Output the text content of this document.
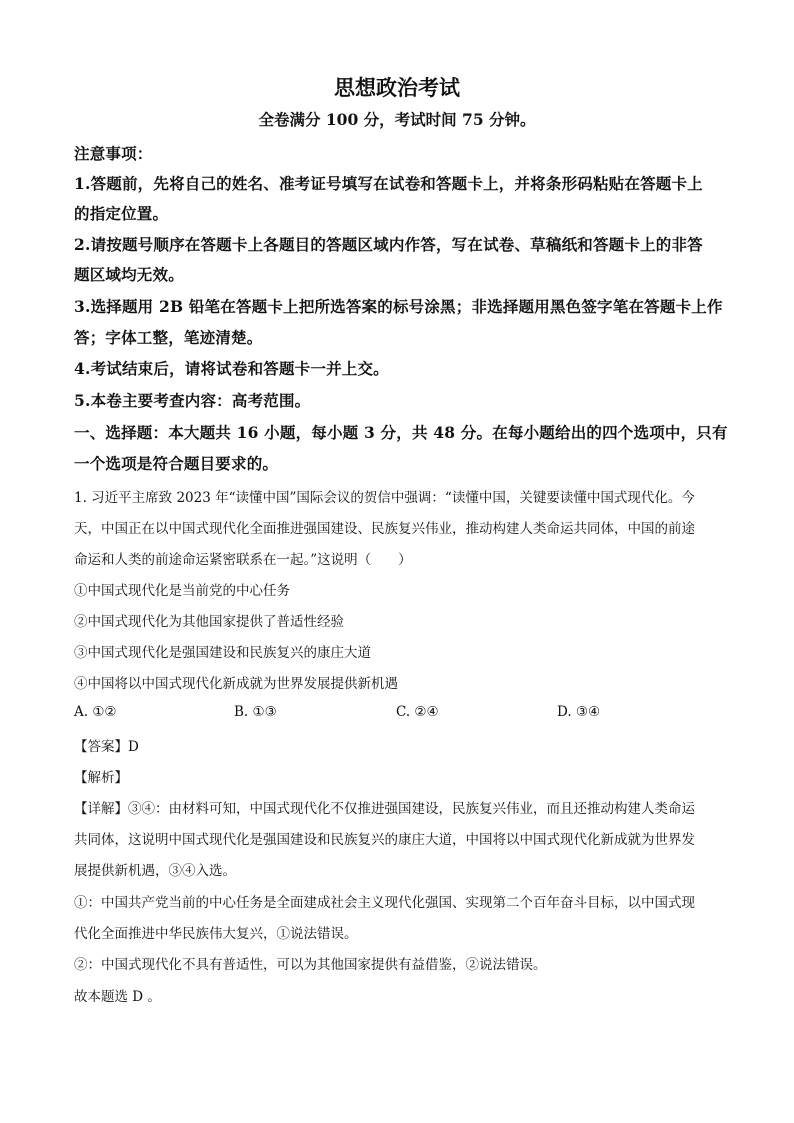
思想政治考试
全卷满分 100 分，考试时间 75 分钟。
注意事项：
1.答题前，先将自己的姓名、准考证号填写在试卷和答题卡上，并将条形码粘贴在答题卡上
的指定位置。
2.请按题号顺序在答题卡上各题目的答题区域内作答，写在试卷、草稿纸和答题卡上的非答
题区域均无效。
3.选择题用 2B 铅笔在答题卡上把所选答案的标号涂黑；非选择题用黑色签字笔在答题卡上作
答；字体工整，笔迹清楚。
4.考试结束后，请将试卷和答题卡一并上交。
5.本卷主要考查内容：高考范围。
一、选择题：本大题共 16 小题，每小题 3 分，共 48 分。在每小题给出的四个选项中，只有
一个选项是符合题目要求的。
1. 习近平主席致 2023 年“读懂中国”国际会议的贺信中强调：“读懂中国，关键要读懂中国式现代化。今
天，中国正在以中国式现代化全面推进强国建设、民族复兴伟业，推动构建人类命运共同体，中国的前途
命运和人类的前途命运紧密联系在一起。”这说明（　　）
①中国式现代化是当前党的中心任务
②中国式现代化为其他国家提供了普适性经验
③中国式现代化是强国建设和民族复兴的康庄大道
④中国将以中国式现代化新成就为世界发展提供新机遇
A. ①②	B. ①③	C. ②④	D. ③④
【答案】D
【解析】
【详解】③④：由材料可知，中国式现代化不仅推进强国建设，民族复兴伟业，而且还推动构建人类命运
共同体，这说明中国式现代化是强国建设和民族复兴的康庄大道，中国将以中国式现代化新成就为世界发
展提供新机遇，③④入选。
①：中国共产党当前的中心任务是全面建成社会主义现代化强国、实现第二个百年奋斗目标，以中国式现
代化全面推进中华民族伟大复兴，①说法错误。
②：中国式现代化不具有普适性，可以为其他国家提供有益借鉴，②说法错误。
故本题选 D 。
